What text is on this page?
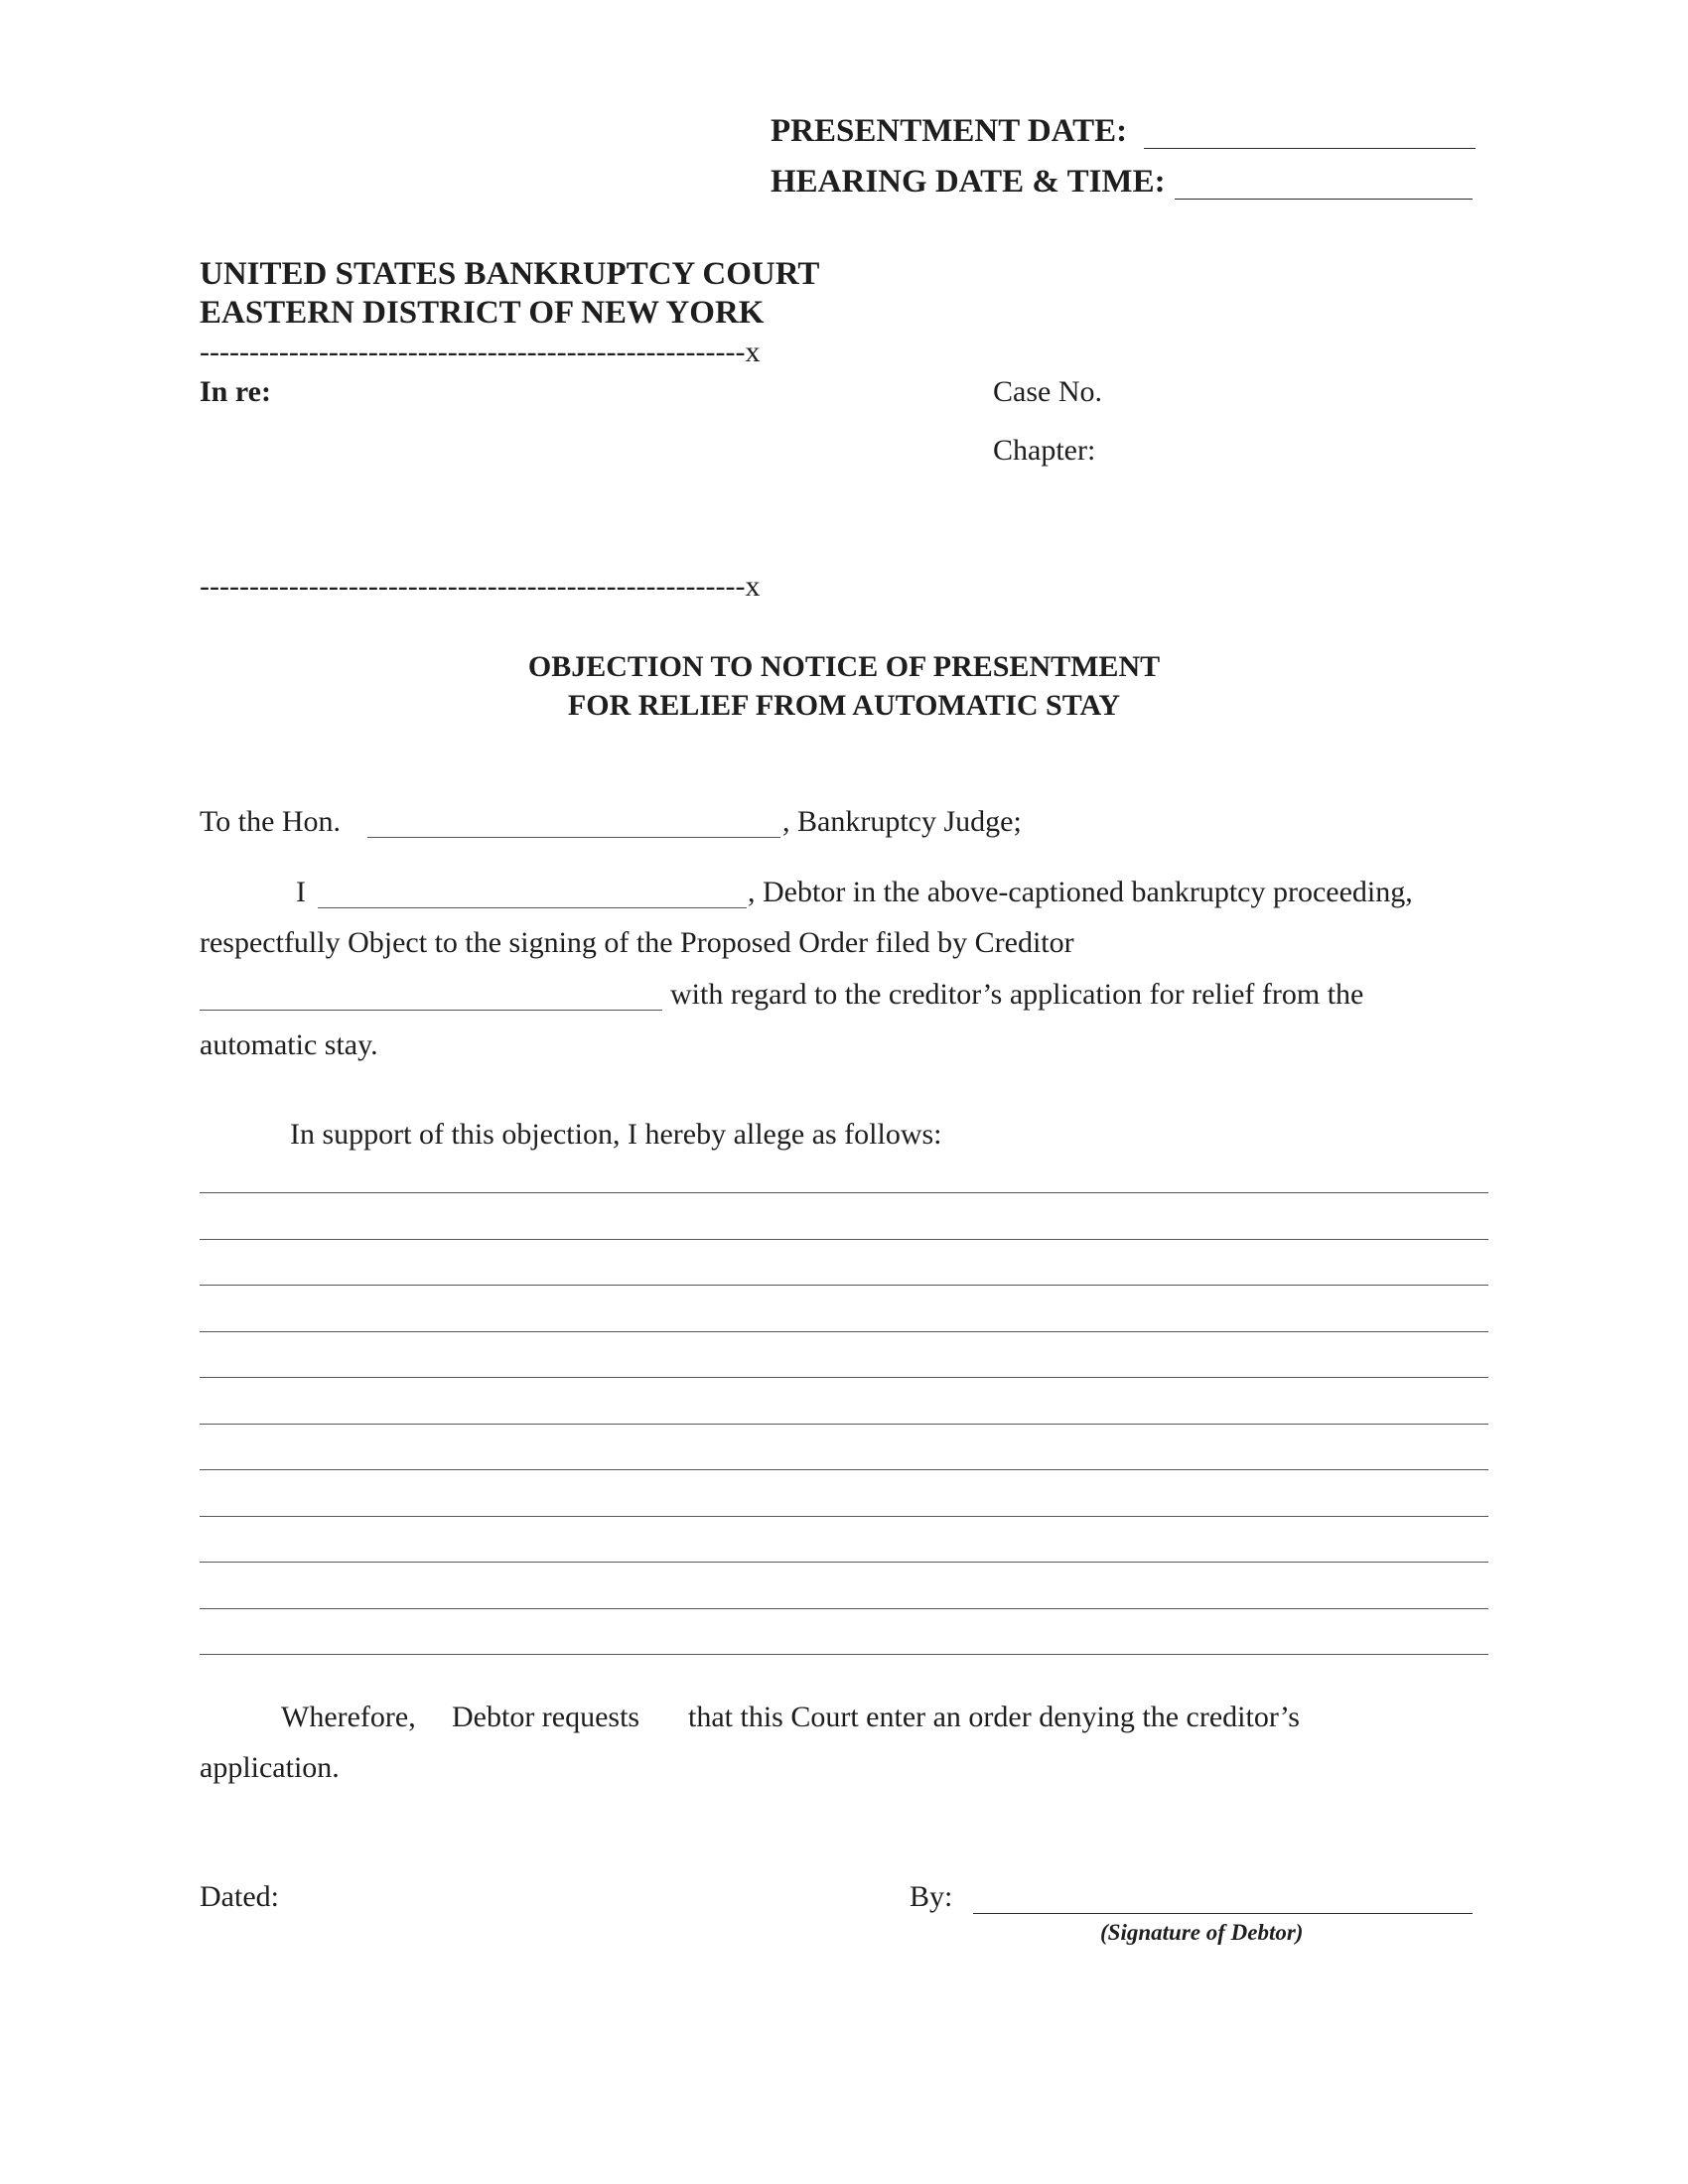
PRESENTMENT DATE:
HEARING DATE & TIME:
UNITED STATES BANKRUPTCY COURT
EASTERN DISTRICT OF NEW YORK
-------------------------------------------------------x
In re:	Case No.
Chapter:
-------------------------------------------------------x
OBJECTION TO NOTICE OF PRESENTMENT
FOR RELIEF FROM AUTOMATIC STAY
To the Hon.	, Bankruptcy Judge;
I	, Debtor in the above-captioned bankruptcy proceeding,
respectfully Object to the signing of the Proposed Order filed by Creditor
with regard to the creditor’s application for relief from the
automatic stay.
In support of this objection, I hereby allege as follows:
Wherefore, Debtor requests that this Court enter an order denying the creditor’s
application.
Dated:	By:
(Signature of Debtor)
